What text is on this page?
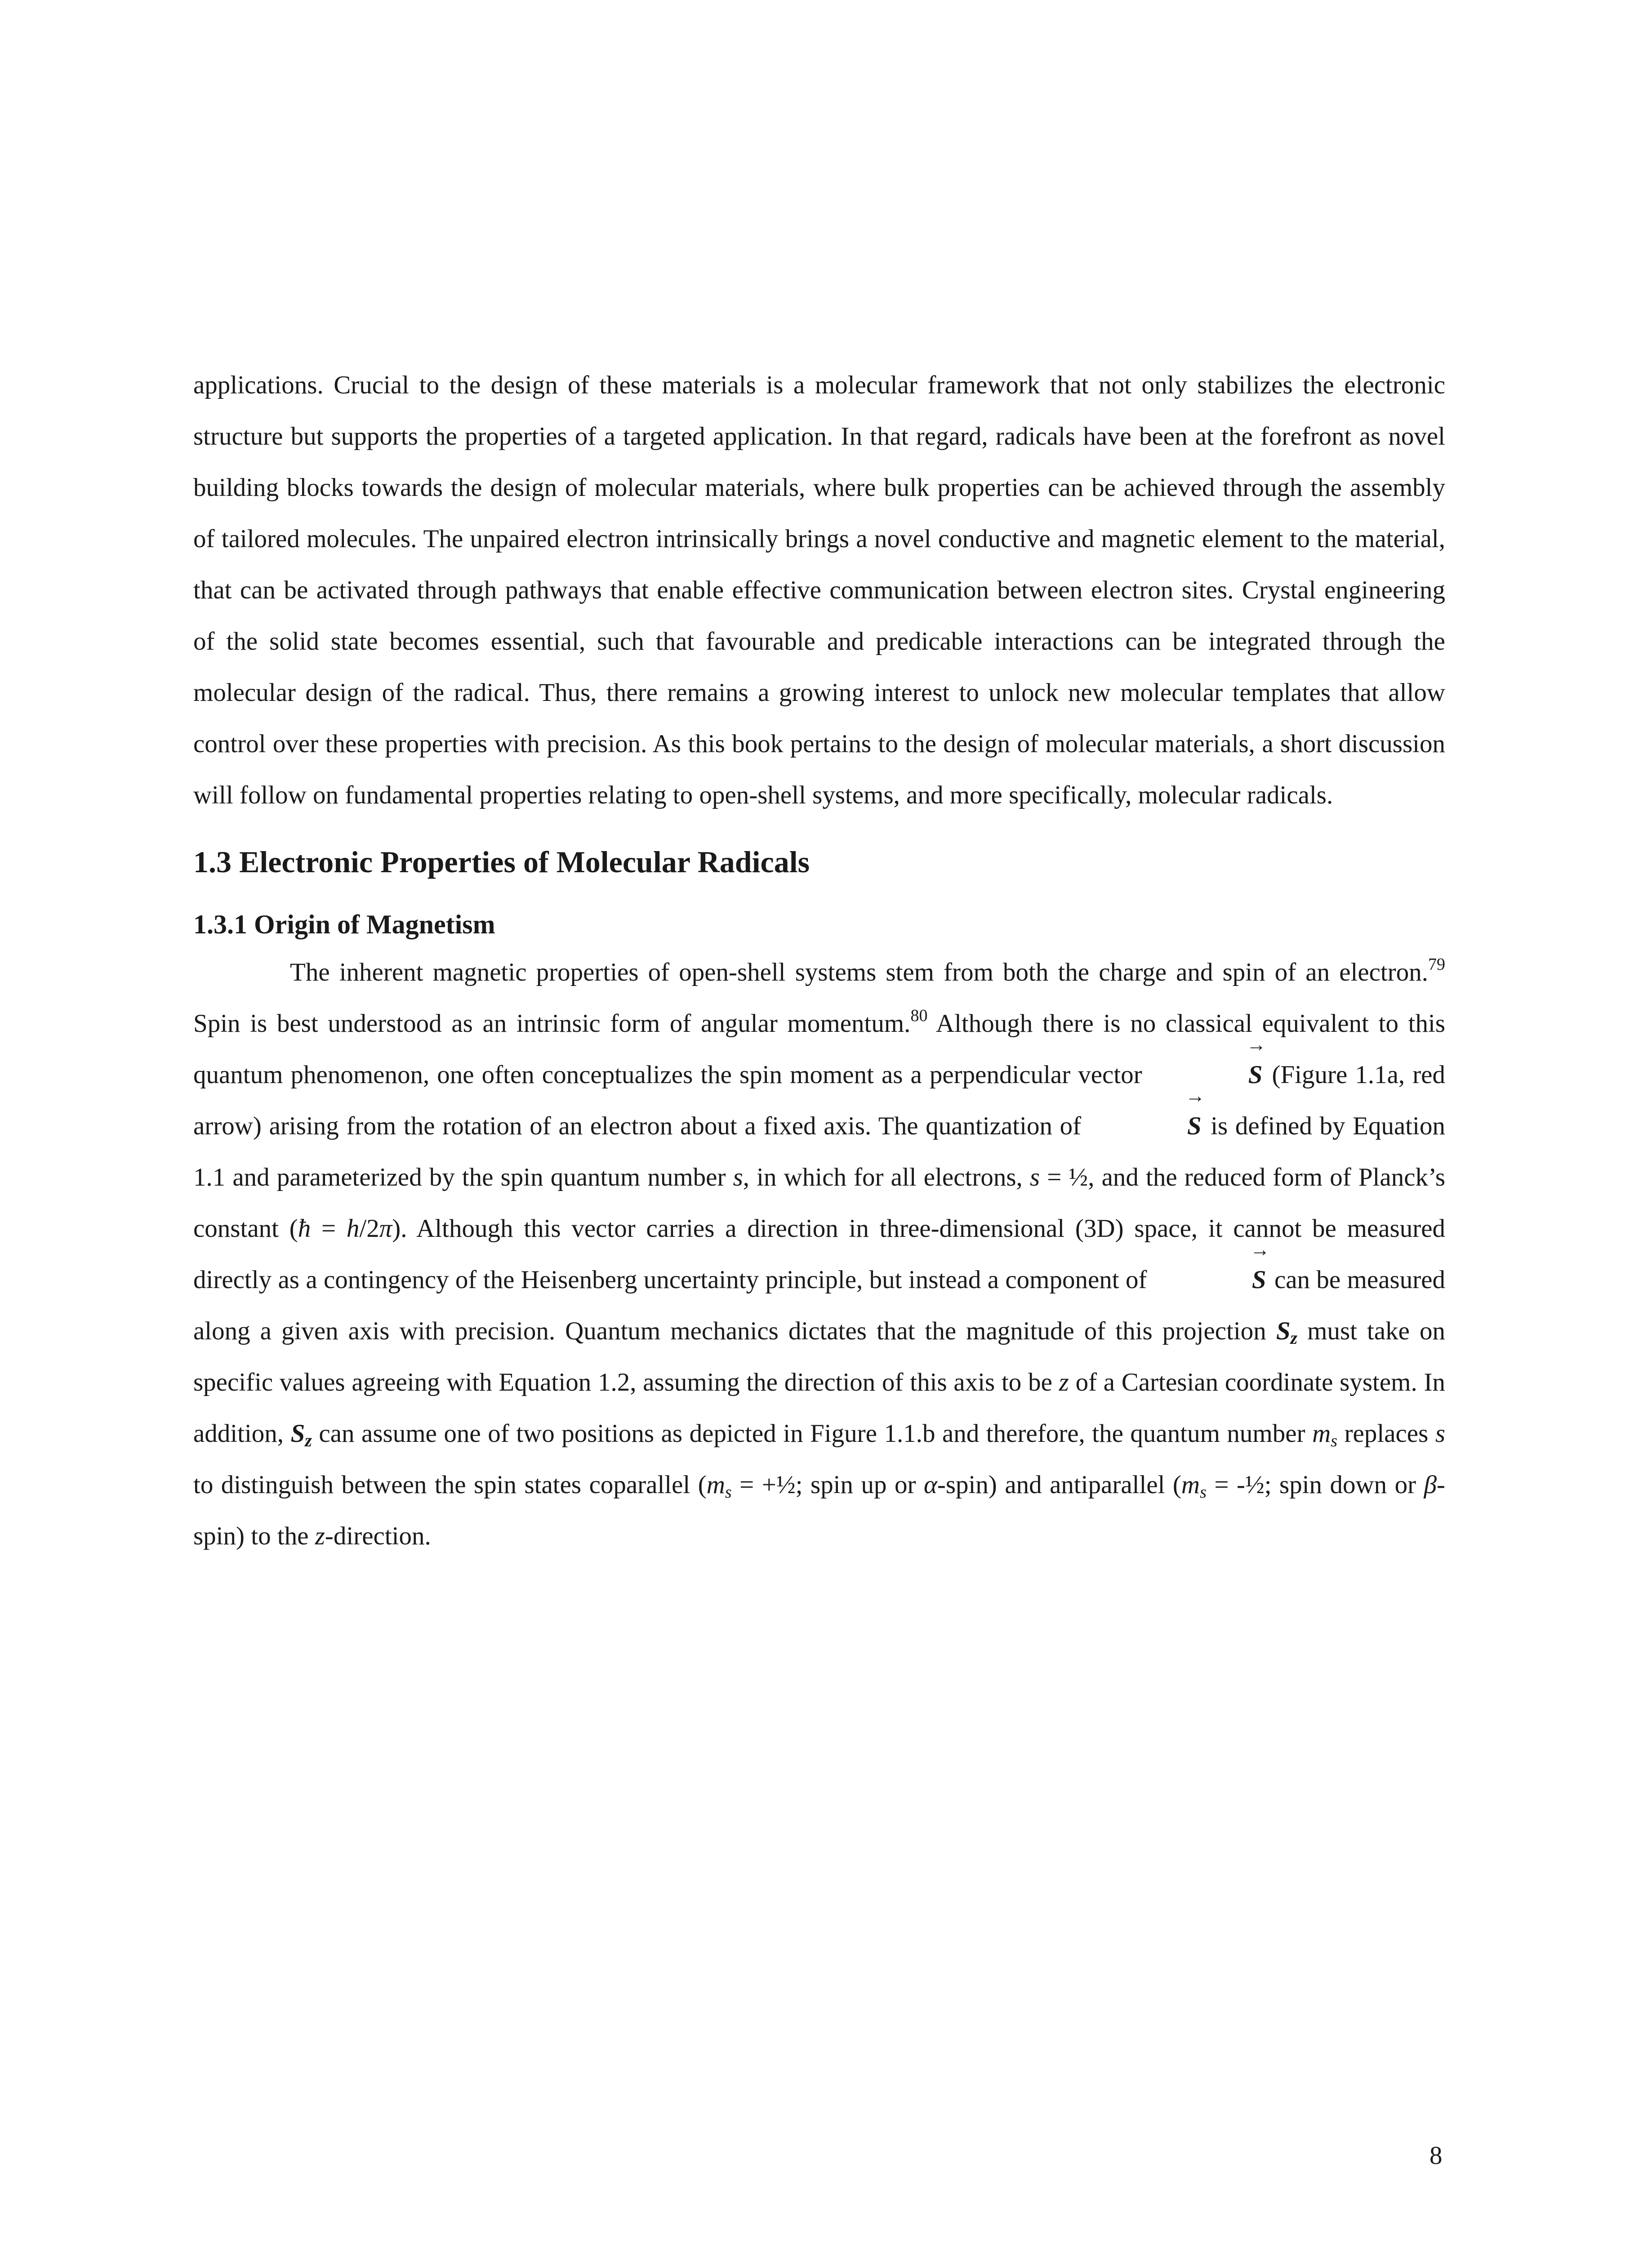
applications. Crucial to the design of these materials is a molecular framework that not only stabilizes the electronic structure but supports the properties of a targeted application. In that regard, radicals have been at the forefront as novel building blocks towards the design of molecular materials, where bulk properties can be achieved through the assembly of tailored molecules. The unpaired electron intrinsically brings a novel conductive and magnetic element to the material, that can be activated through pathways that enable effective communication between electron sites. Crystal engineering of the solid state becomes essential, such that favourable and predicable interactions can be integrated through the molecular design of the radical. Thus, there remains a growing interest to unlock new molecular templates that allow control over these properties with precision. As this book pertains to the design of molecular materials, a short discussion will follow on fundamental properties relating to open-shell systems, and more specifically, molecular radicals.

1.3 Electronic Properties of Molecular Radicals
1.3.1 Origin of Magnetism

The inherent magnetic properties of open-shell systems stem from both the charge and spin of an electron.$^{79}$ Spin is best understood as an intrinsic form of angular momentum.$^{80}$ Although there is no classical equivalent to this quantum phenomenon, one often conceptualizes the spin moment as a perpendicular vector
→
S (Figure 1.1a, red arrow) arising from the rotation of an electron about a fixed axis. The quantization of
→
S is defined by Equation 1.1 and parameterized by the spin quantum number s, in which for all electrons, s = ½, and the reduced form of Planck’s constant (ħ = h/2π). Although this vector carries a direction in three-dimensional (3D) space, it cannot be measured directly as a contingency of the Heisenberg uncertainty principle, but instead a component of
→
S can be measured along a given axis with precision. Quantum mechanics dictates that the magnitude of this projection $S_z$ must take on specific values agreeing with Equation 1.2, assuming the direction of this axis to be z of a Cartesian coordinate system. In addition, $S_z$ can assume one of two positions as depicted in Figure 1.1.b and therefore, the quantum number $m_s$ replaces s to distinguish between the spin states coparallel ($m_s$ = +½; spin up or α-spin) and antiparallel ($m_s$ = -½; spin down or β-spin) to the z-direction.

8
